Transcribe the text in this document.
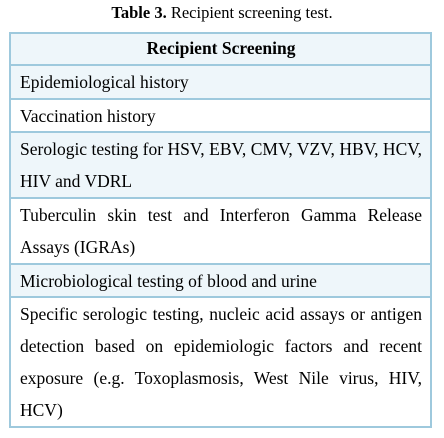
Table 3. Recipient screening test.
Recipient Screening
Epidemiological history
Vaccination history
Serologic testing for HSV, EBV, CMV, VZV, HBV, HCV, HIV and VDRL
Tuberculin skin test and Interferon Gamma Release Assays (IGRAs)
Microbiological testing of blood and urine
Specific serologic testing, nucleic acid assays or antigen detection based on epidemiologic factors and recent exposure (e.g. Toxoplasmosis, West Nile virus, HIV, HCV)
